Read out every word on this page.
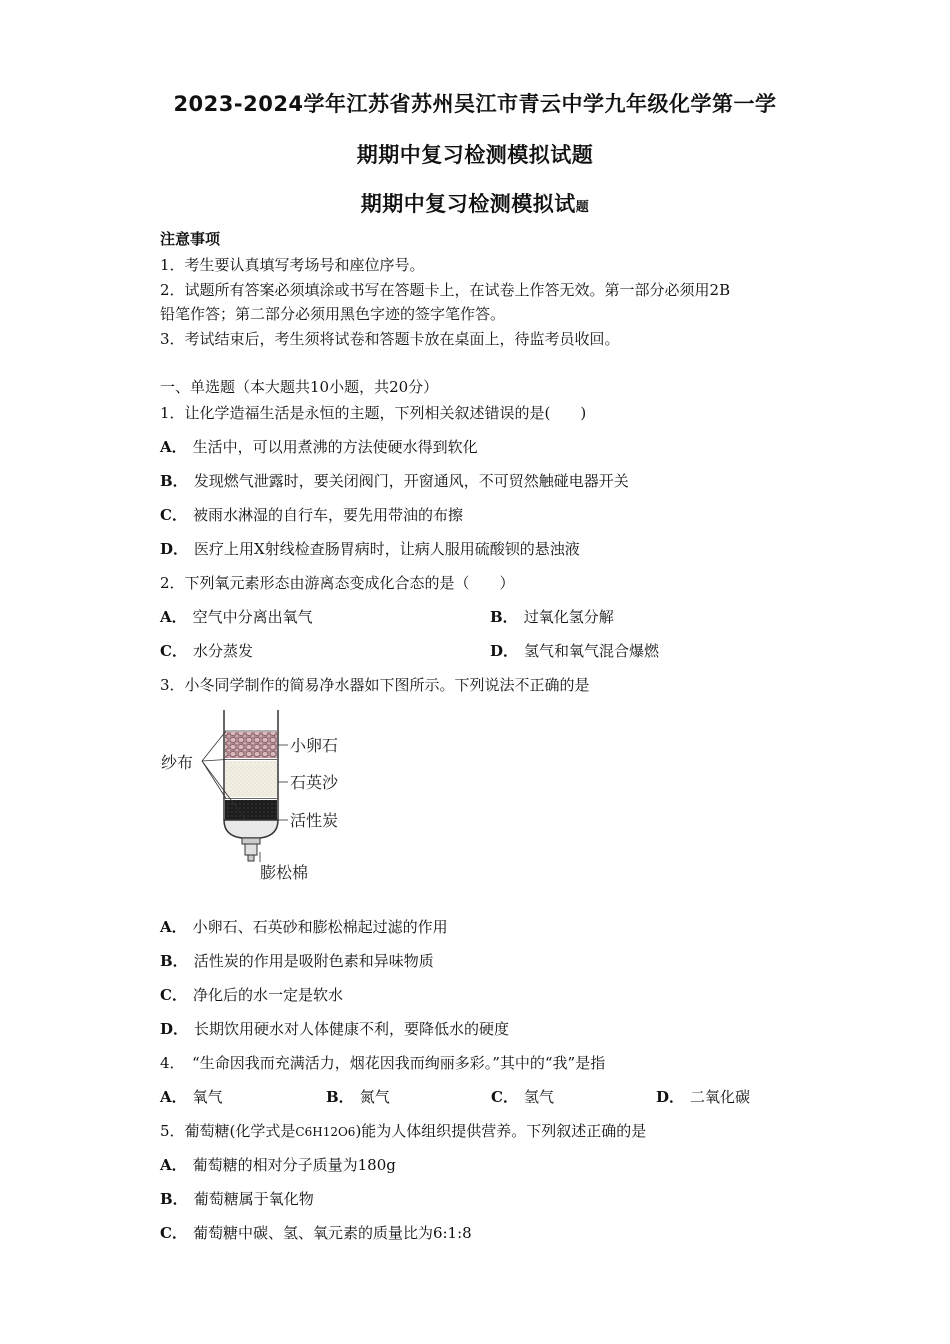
2023-2024学年江苏省苏州吴江市青云中学九年级化学第一学
期期中复习检测模拟试题
期期中复习检测模拟试题
注意事项
1．考生要认真填写考场号和座位序号。
2．试题所有答案必须填涂或书写在答题卡上，在试卷上作答无效。第一部分必须用2B
铅笔作答；第二部分必须用黑色字迹的签字笔作答。
3．考试结束后，考生须将试卷和答题卡放在桌面上，待监考员收回。
一、单选题（本大题共10小题，共20分）
1．让化学造福生活是永恒的主题，下列相关叙述错误的是(　　)
A． 生活中，可以用煮沸的方法使硬水得到软化
B． 发现燃气泄露时，要关闭阀门，开窗通风，不可贸然触碰电器开关
C． 被雨水淋湿的自行车，要先用带油的布擦
D． 医疗上用X射线检查肠胃病时，让病人服用硫酸钡的悬浊液
2．下列氧元素形态由游离态变成化合态的是（　　）
A． 空气中分离出氧气	B． 过氧化氢分解
C． 水分蒸发	D． 氢气和氧气混合爆燃
3．小冬同学制作的简易净水器如下图所示。下列说法不正确的是
纱布
小卵石
石英沙
活性炭
膨松棉
A． 小卵石、石英砂和膨松棉起过滤的作用
B． 活性炭的作用是吸附色素和异味物质
C． 净化后的水一定是软水
D． 长期饮用硬水对人体健康不利，要降低水的硬度
4．　“生命因我而充满活力，烟花因我而绚丽多彩。”其中的“我”是指
A． 氧气	B． 氮气	C． 氢气	D． 二氧化碳
5．葡萄糖(化学式是C6H12O6)能为人体组织提供营养。下列叙述正确的是
A． 葡萄糖的相对分子质量为180g
B． 葡萄糖属于氧化物
C． 葡萄糖中碳、氢、氧元素的质量比为6:1:8
